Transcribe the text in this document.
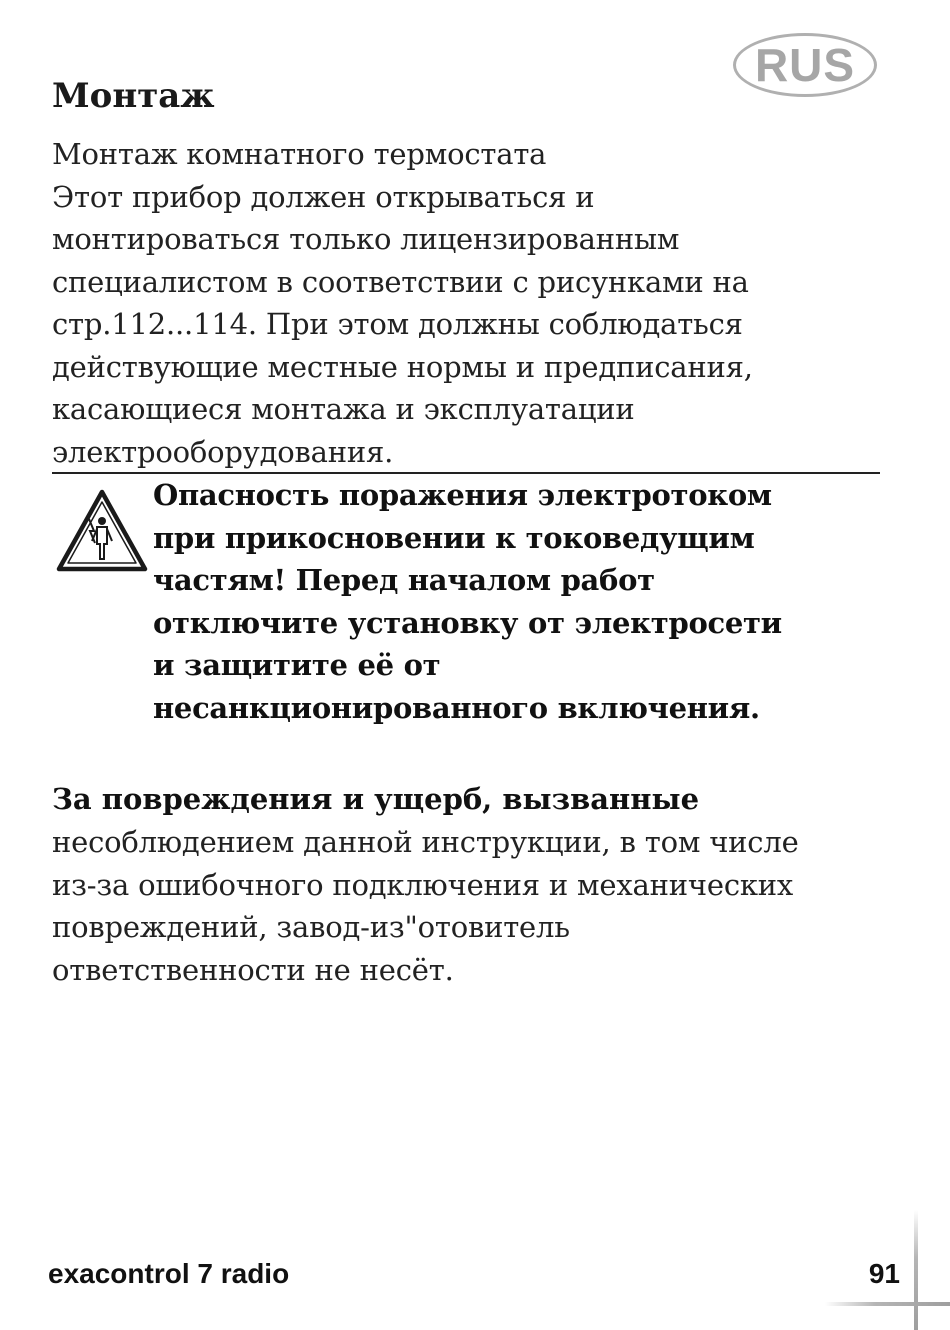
RUS
Монтаж

Монтаж комнатного термостата
Этот прибор должен открываться и
монтироваться только лицензированным
специалистом в соответствии с рисунками на
стр.112...114. При этом должны соблюдаться
действующие местные нормы и предписания,
касающиеся монтажа и эксплуатации
электрооборудования.

Опасность поражения электротоком
при прикосновении к токоведущим
частям! Перед началом работ
отключите установку от электросети
и защитите её от
несанкционированного включения.

За повреждения и ущерб, вызванные

несоблюдением данной инструкции, в том числе
из-за ошибочного подключения и механических
повреждений, завод-из"отовитель
ответственности не несёт.

exacontrol 7 radio	91
